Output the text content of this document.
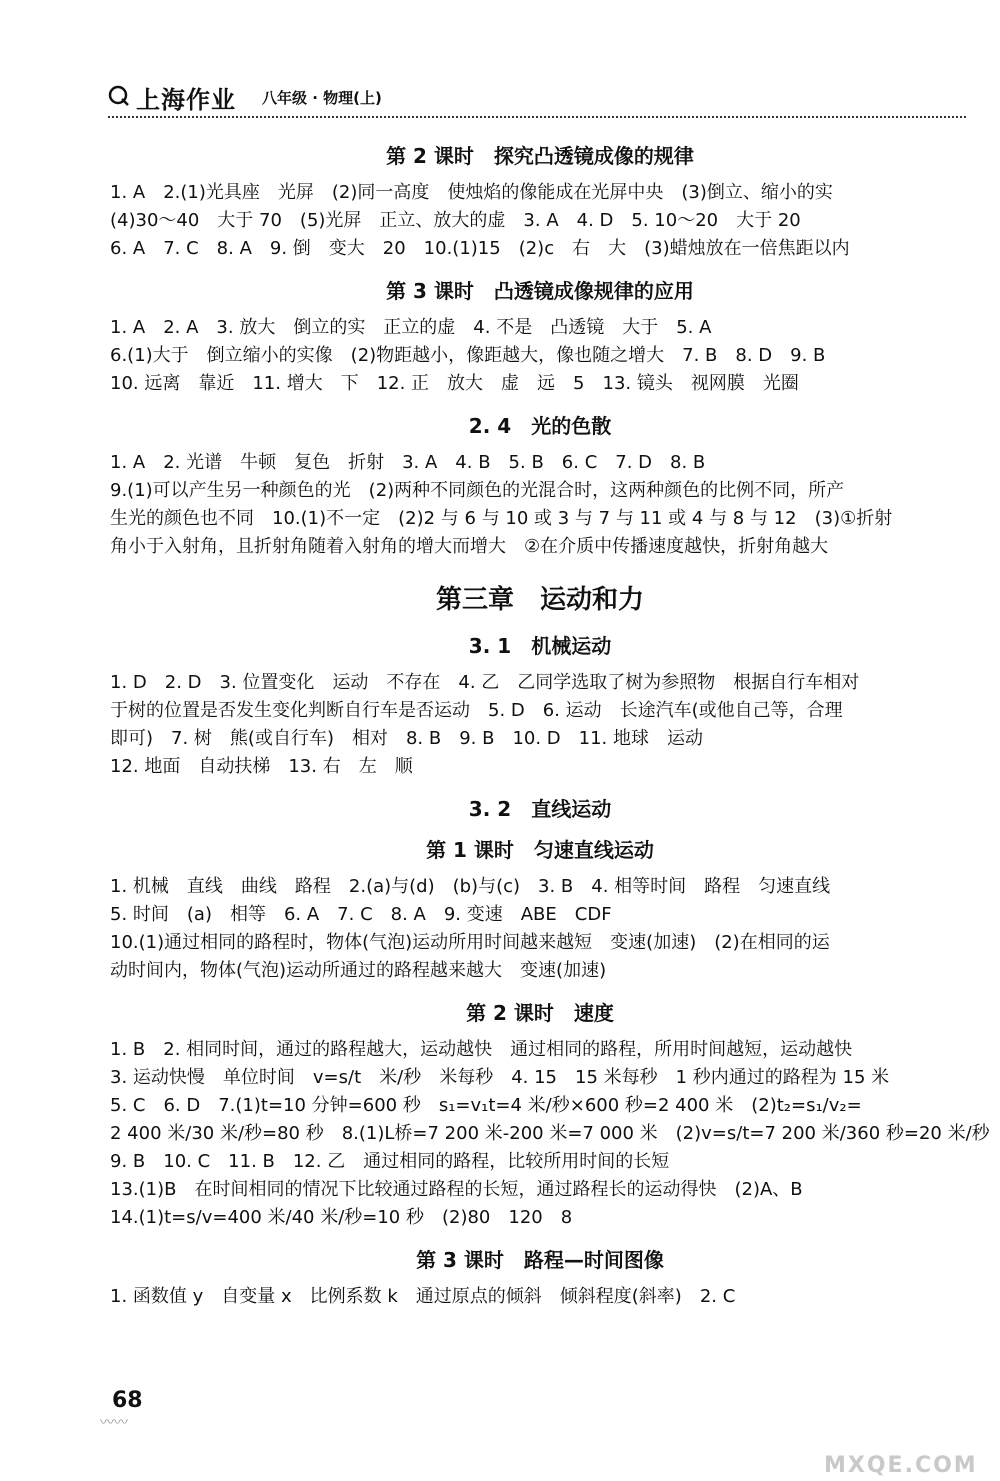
上海作业 八年级 · 物理(上)
第 2 课时　探究凸透镜成像的规律
1. A　2.(1)光具座　光屏　(2)同一高度　使烛焰的像能成在光屏中央　(3)倒立、缩小的实
(4)30～40　大于 70　(5)光屏　正立、放大的虚　3. A　4. D　5. 10～20　大于 20
6. A　7. C　8. A　9. 倒　变大　20　10.(1)15　(2)c　右　大　(3)蜡烛放在一倍焦距以内
第 3 课时　凸透镜成像规律的应用
1. A　2. A　3. 放大　倒立的实　正立的虚　4. 不是　凸透镜　大于　5. A
6.(1)大于　倒立缩小的实像　(2)物距越小，像距越大，像也随之增大　7. B　8. D　9. B
10. 远离　靠近　11. 增大　下　12. 正　放大　虚　远　5　13. 镜头　视网膜　光圈
2. 4　光的色散
1. A　2. 光谱　牛顿　复色　折射　3. A　4. B　5. B　6. C　7. D　8. B
9.(1)可以产生另一种颜色的光　(2)两种不同颜色的光混合时，这两种颜色的比例不同，所产
生光的颜色也不同　10.(1)不一定　(2)2 与 6 与 10 或 3 与 7 与 11 或 4 与 8 与 12　(3)①折射
角小于入射角，且折射角随着入射角的增大而增大　②在介质中传播速度越快，折射角越大
第三章　运动和力
3. 1　机械运动
1. D　2. D　3. 位置变化　运动　不存在　4. 乙　乙同学选取了树为参照物　根据自行车相对
于树的位置是否发生变化判断自行车是否运动　5. D　6. 运动　长途汽车(或他自己等，合理
即可)　7. 树　熊(或自行车)　相对　8. B　9. B　10. D　11. 地球　运动
12. 地面　自动扶梯　13. 右　左　顺
3. 2　直线运动
第 1 课时　匀速直线运动
1. 机械　直线　曲线　路程　2.(a)与(d)　(b)与(c)　3. B　4. 相等时间　路程　匀速直线
5. 时间　(a)　相等　6. A　7. C　8. A　9. 变速　ABE　CDF
10.(1)通过相同的路程时，物体(气泡)运动所用时间越来越短　变速(加速)　(2)在相同的运
动时间内，物体(气泡)运动所通过的路程越来越大　变速(加速)
第 2 课时　速度
1. B　2. 相同时间，通过的路程越大，运动越快　通过相同的路程，所用时间越短，运动越快
3. 运动快慢　单位时间　v=s/t　米/秒　米每秒　4. 15　15 米每秒　1 秒内通过的路程为 15 米
5. C　6. D　7.(1)t=10 分钟=600 秒　s₁=v₁t=4 米/秒×600 秒=2 400 米　(2)t₂=s₁/v₂=
2 400 米/30 米/秒=80 秒　8.(1)L桥=7 200 米-200 米=7 000 米　(2)v=s/t=7 200 米/360 秒=20 米/秒
9. B　10. C　11. B　12. 乙　通过相同的路程，比较所用时间的长短
13.(1)B　在时间相同的情况下比较通过路程的长短，通过路程长的运动得快　(2)A、B
14.(1)t=s/v=400 米/40 米/秒=10 秒　(2)80　120　8
第 3 课时　路程—时间图像
1. 函数值 y　自变量 x　比例系数 k　通过原点的倾斜　倾斜程度(斜率)　2. C
68
〰〰
MXQE.COM
